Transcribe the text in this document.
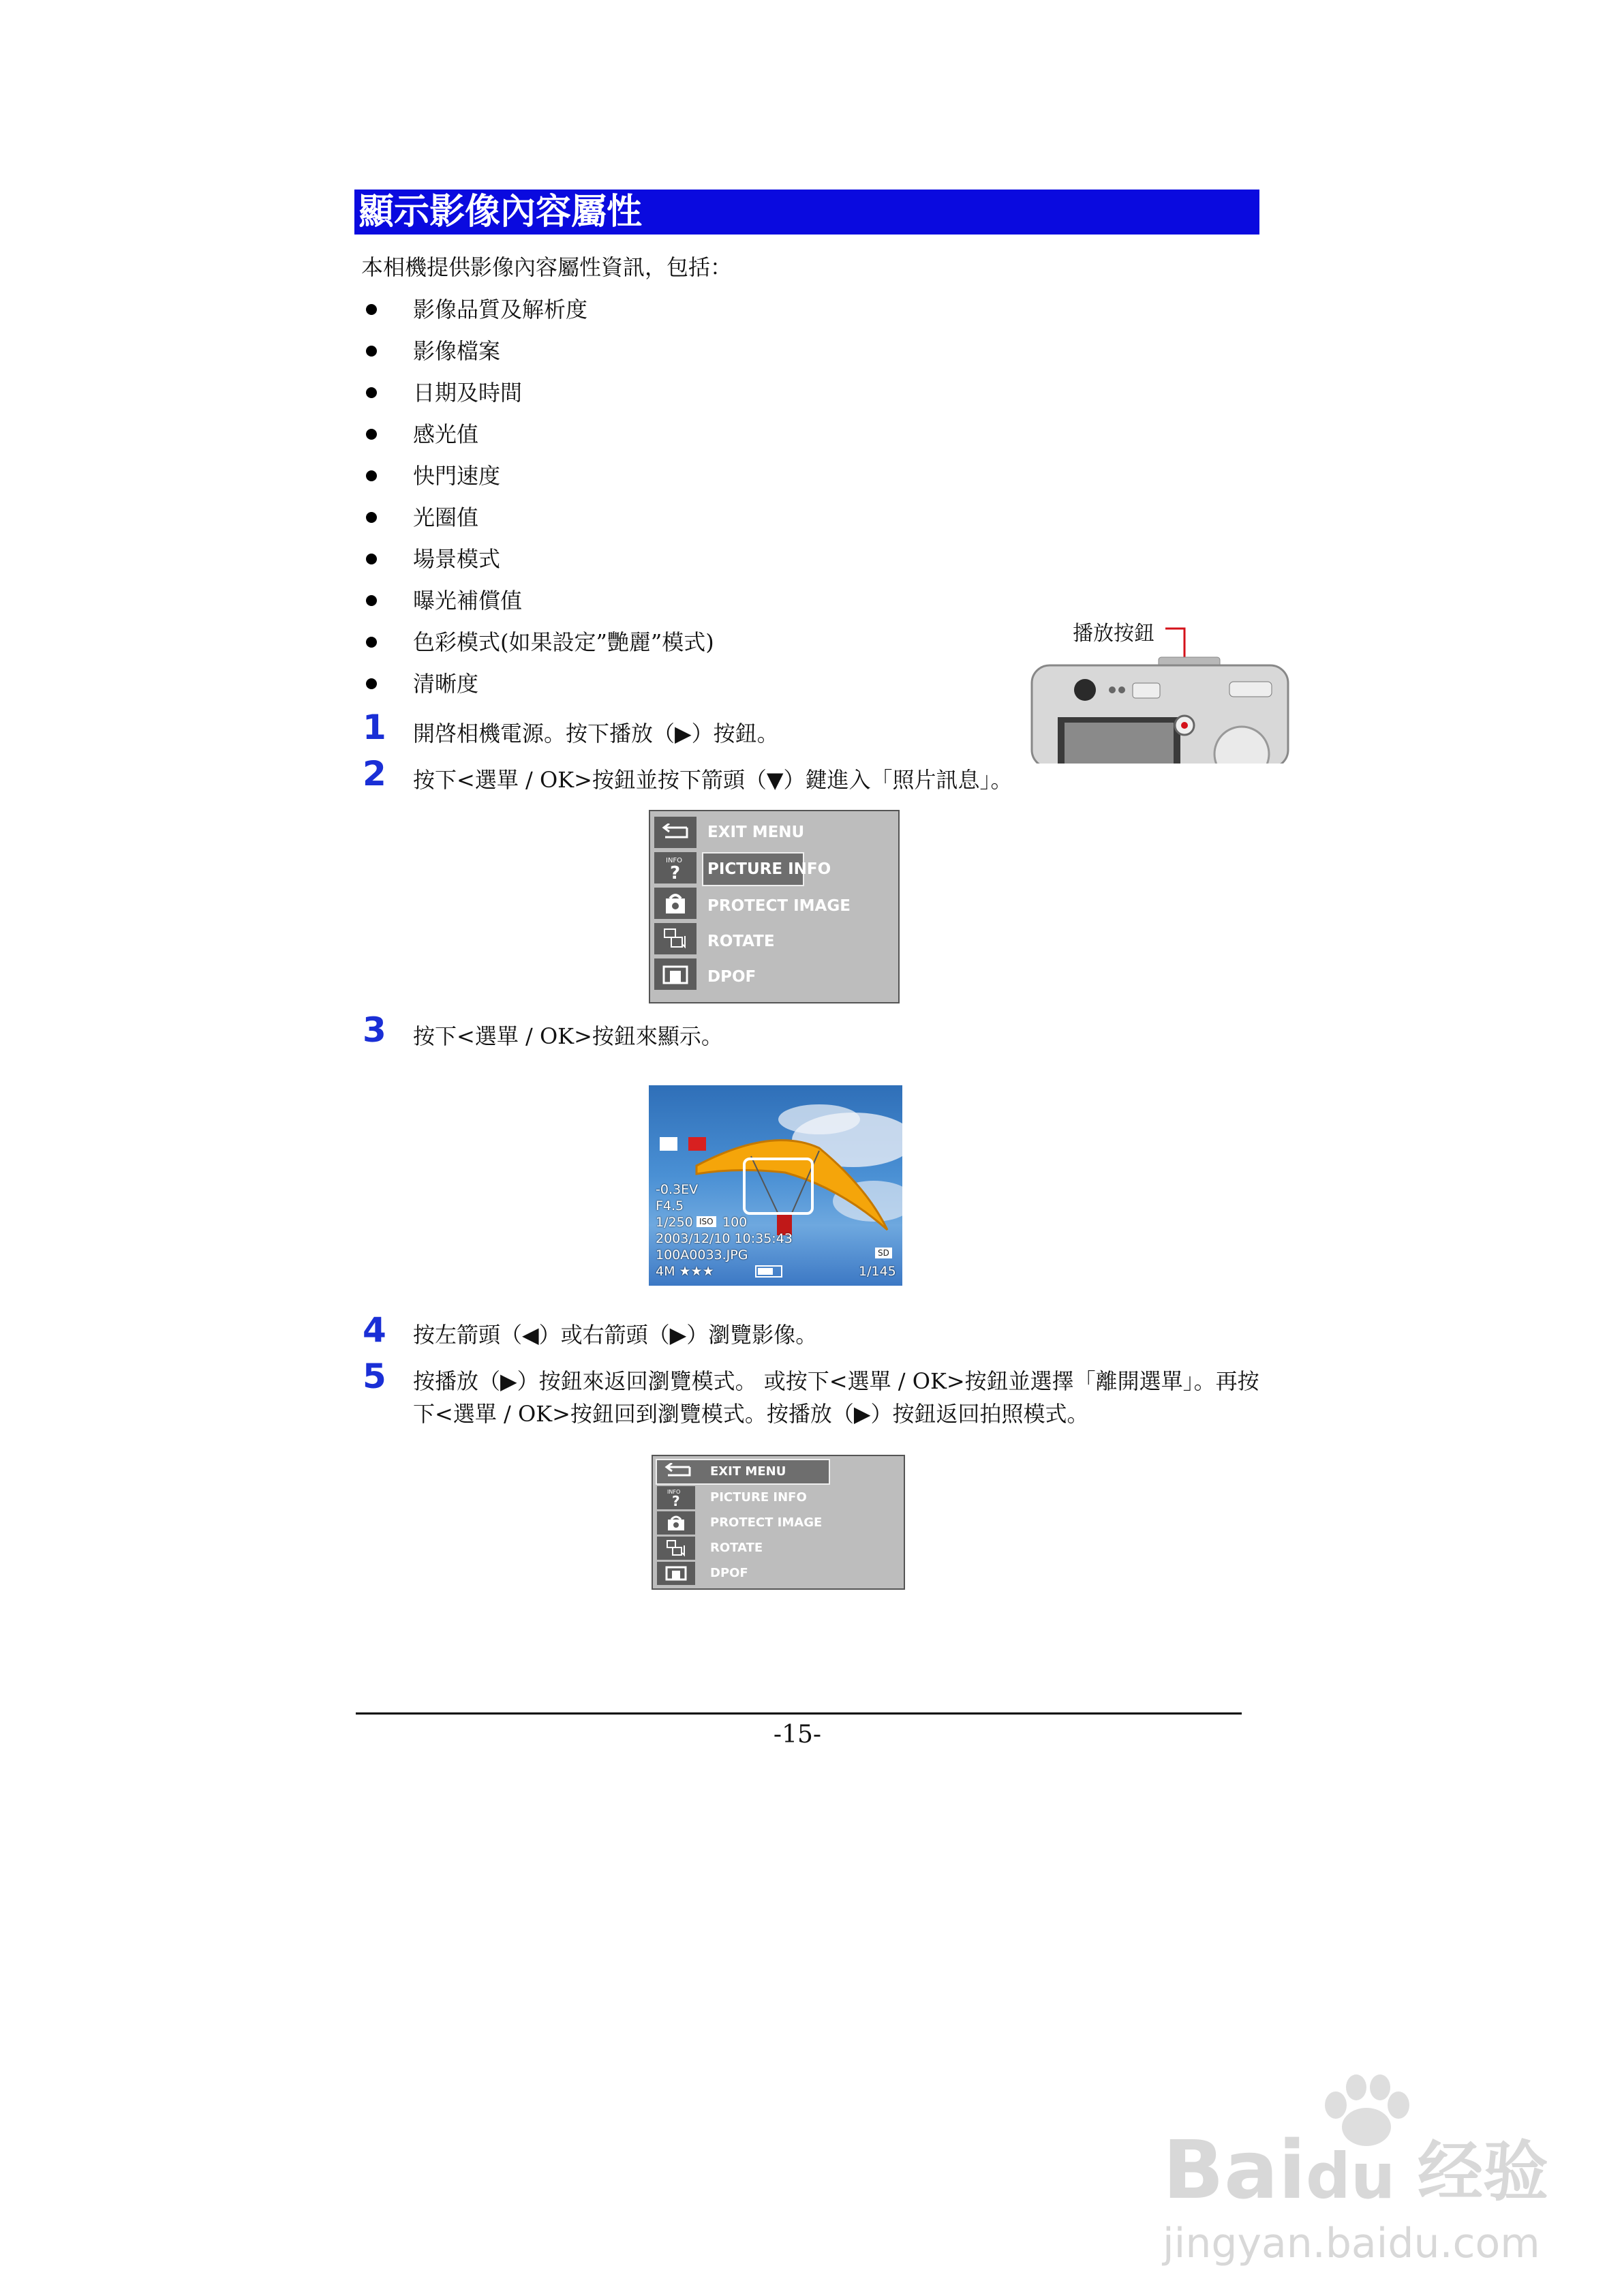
顯示影像內容屬性
本相機提供影像內容屬性資訊，包括：
影像品質及解析度
影像檔案
日期及時間
感光值
快門速度
光圈值
場景模式
曝光補償值
色彩模式(如果設定”艷麗”模式)
清晰度
播放按鈕
1 開啓相機電源。按下播放（▶）按鈕。
2 按下<選單 / OK>按鈕並按下箭頭（▼）鍵進入「照片訊息」。
EXIT MENU
INFO
? PICTURE INFO
PROTECT IMAGE
ROTATE
DPOF
3 按下<選單 / OK>按鈕來顯示。
-0.3EV
F4.5
1/250 ISO 100
2003/12/10 10:35:43
100A0033.JPG
4M ★★★
SD
1/145
4 按左箭頭（◀）或右箭頭（▶）瀏覽影像。
5 按播放（▶）按鈕來返回瀏覽模式。 或按下<選單 / OK>按鈕並選擇「離開選單」。再按
下<選單 / OK>按鈕回到瀏覽模式。按播放（▶）按鈕返回拍照模式。
EXIT MENU
INFO
? PICTURE INFO
PROTECT IMAGE
ROTATE
DPOF
-15-
Baidu 经验
jingyan.baidu.com
